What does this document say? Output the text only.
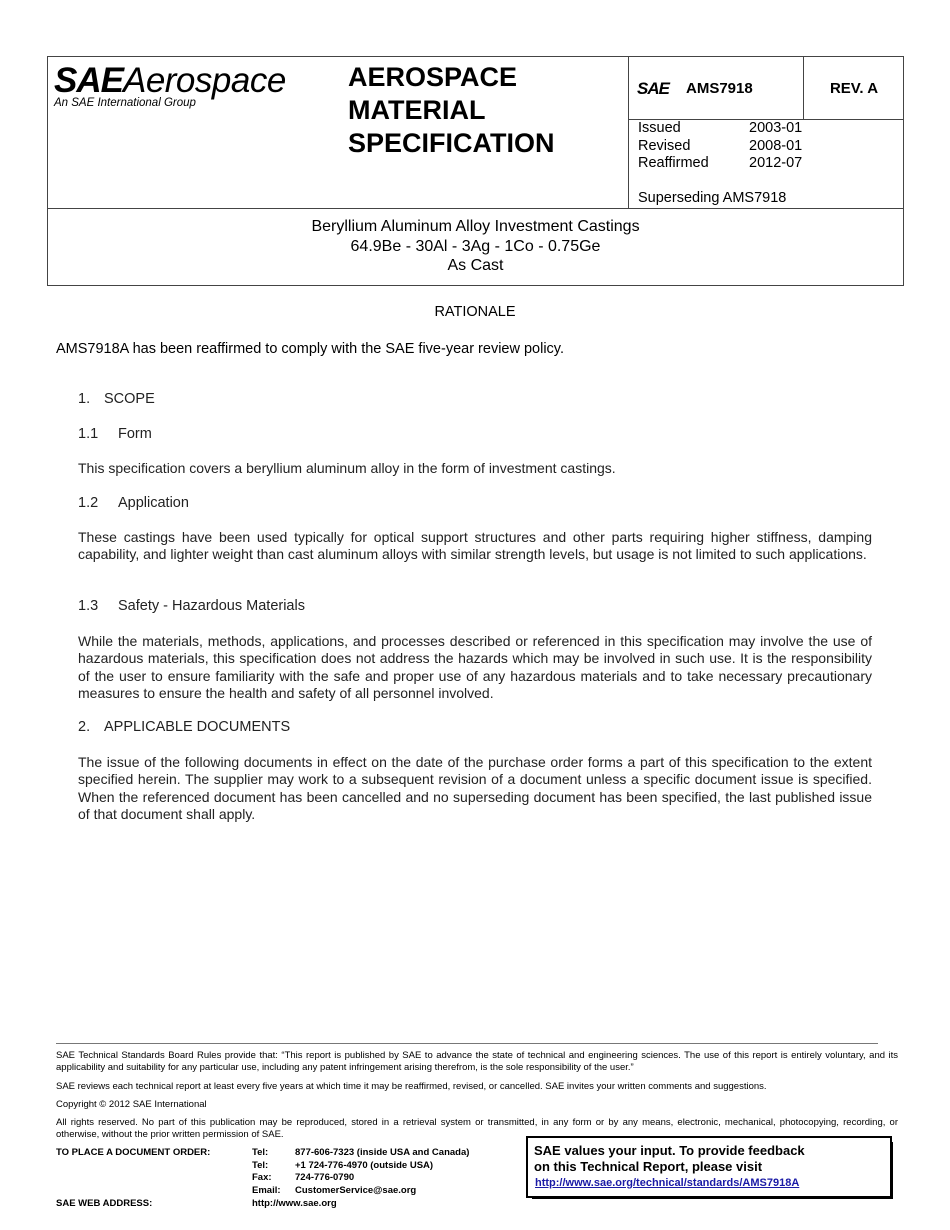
SAEAerospace
An SAE International Group
AEROSPACE
MATERIAL
SPECIFICATION
SAE AMS7918	REV. A
Issued	2003-01
Revised	2008-01
Reaffirmed	2012-07
Superseding AMS7918
Beryllium Aluminum Alloy Investment Castings
64.9Be - 30Al - 3Ag - 1Co - 0.75Ge
As Cast
RATIONALE
AMS7918A has been reaffirmed to comply with the SAE five-year review policy.
1. SCOPE
1.1 Form
This specification covers a beryllium aluminum alloy in the form of investment castings.
1.2 Application
These castings have been used typically for optical support structures and other parts requiring higher stiffness, damping capability, and lighter weight than cast aluminum alloys with similar strength levels, but usage is not limited to such applications.
1.3 Safety - Hazardous Materials
While the materials, methods, applications, and processes described or referenced in this specification may involve the use of hazardous materials, this specification does not address the hazards which may be involved in such use. It is the responsibility of the user to ensure familiarity with the safe and proper use of any hazardous materials and to take necessary precautionary measures to ensure the health and safety of all personnel involved.
2. APPLICABLE DOCUMENTS
The issue of the following documents in effect on the date of the purchase order forms a part of this specification to the extent specified herein. The supplier may work to a subsequent revision of a document unless a specific document issue is specified. When the referenced document has been cancelled and no superseding document has been specified, the last published issue of that document shall apply.
SAE Technical Standards Board Rules provide that: “This report is published by SAE to advance the state of technical and engineering sciences. The use of this report is entirely voluntary, and its applicability and suitability for any particular use, including any patent infringement arising therefrom, is the sole responsibility of the user.”
SAE reviews each technical report at least every five years at which time it may be reaffirmed, revised, or cancelled. SAE invites your written comments and suggestions.
Copyright © 2012 SAE International
All rights reserved. No part of this publication may be reproduced, stored in a retrieval system or transmitted, in any form or by any means, electronic, mechanical, photocopying, recording, or otherwise, without the prior written permission of SAE.
TO PLACE A DOCUMENT ORDER:	Tel:	877-606-7323 (inside USA and Canada)
Tel:	+1 724-776-4970 (outside USA)
Fax: 724-776-0790
Email: CustomerService@sae.org
SAE WEB ADDRESS:	http://www.sae.org
SAE values your input. To provide feedback
on this Technical Report, please visit
http://www.sae.org/technical/standards/AMS7918A
